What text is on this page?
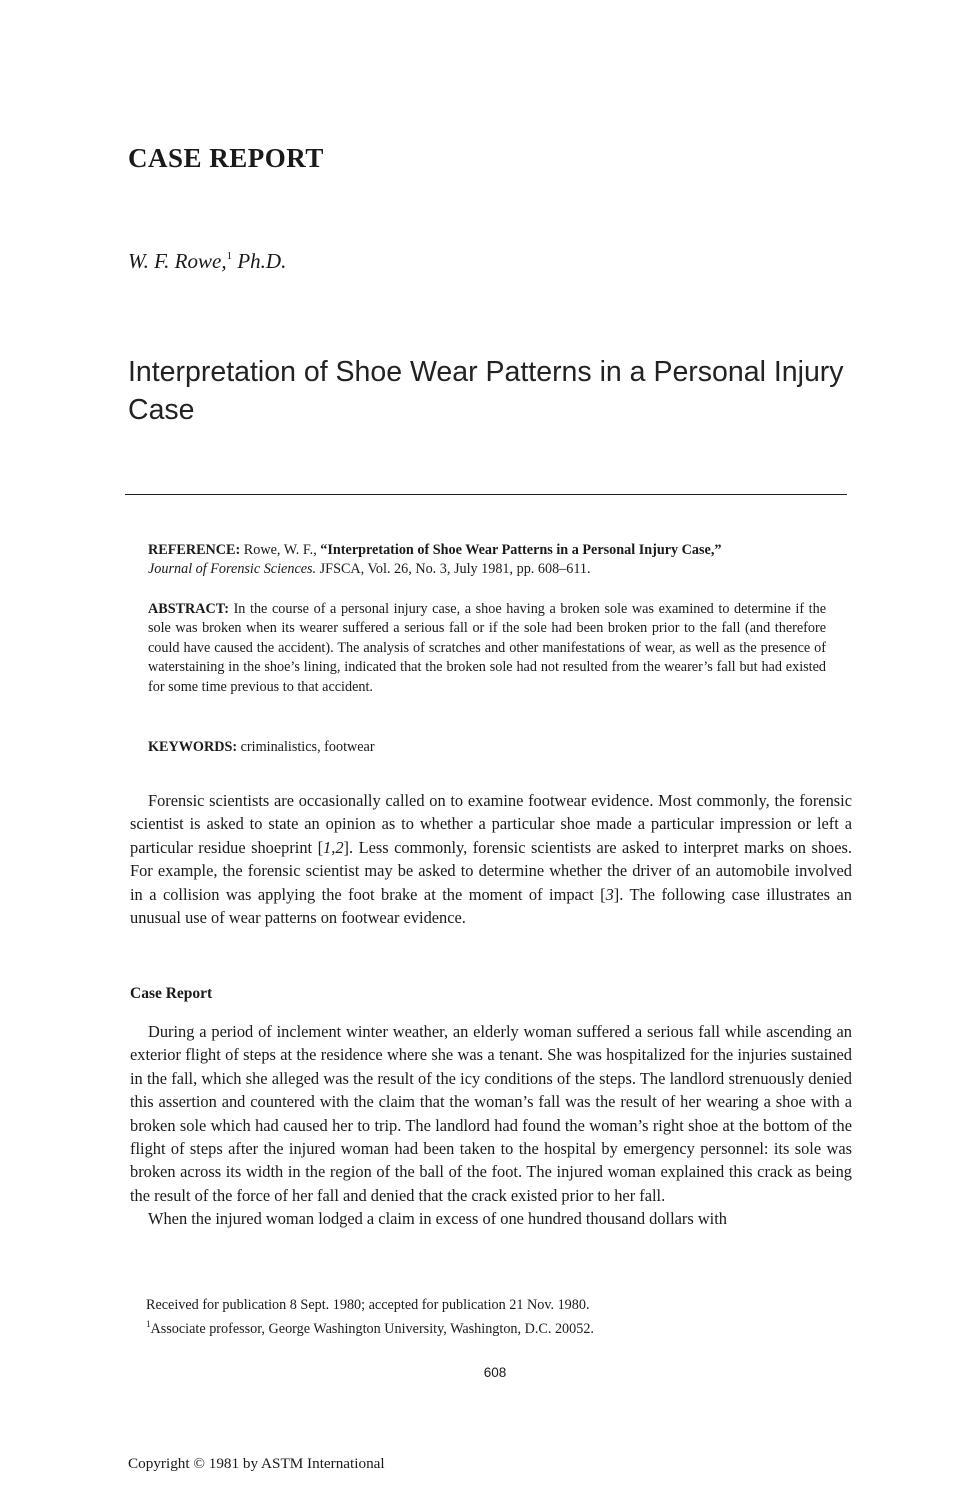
CASE REPORT
W. F. Rowe,$^1$ Ph.D.
Interpretation of Shoe Wear Patterns in a Personal Injury Case
REFERENCE: Rowe, W. F., “Interpretation of Shoe Wear Patterns in a Personal Injury Case,”
Journal of Forensic Sciences. JFSCA, Vol. 26, No. 3, July 1981, pp. 608–611.
ABSTRACT: In the course of a personal injury case, a shoe having a broken sole was examined to determine if the sole was broken when its wearer suffered a serious fall or if the sole had been broken prior to the fall (and therefore could have caused the accident). The analysis of scratches and other manifestations of wear, as well as the presence of waterstaining in the shoe’s lining, indicated that the broken sole had not resulted from the wearer’s fall but had existed for some time previous to that accident.
KEYWORDS: criminalistics, footwear

Forensic scientists are occasionally called on to examine footwear evidence. Most commonly, the forensic scientist is asked to state an opinion as to whether a particular shoe made a particular impression or left a particular residue shoeprint [1,2]. Less commonly, forensic scientists are asked to interpret marks on shoes. For example, the forensic scientist may be asked to determine whether the driver of an automobile involved in a collision was applying the foot brake at the moment of impact [3]. The following case illustrates an unusual use of wear patterns on footwear evidence.

Case Report

During a period of inclement winter weather, an elderly woman suffered a serious fall while ascending an exterior flight of steps at the residence where she was a tenant. She was hospitalized for the injuries sustained in the fall, which she alleged was the result of the icy conditions of the steps. The landlord strenuously denied this assertion and countered with the claim that the woman’s fall was the result of her wearing a shoe with a broken sole which had caused her to trip. The landlord had found the woman’s right shoe at the bottom of the flight of steps after the injured woman had been taken to the hospital by emergency personnel: its sole was broken across its width in the region of the ball of the foot. The injured woman explained this crack as being the result of the force of her fall and denied that the crack existed prior to her fall.

When the injured woman lodged a claim in excess of one hundred thousand dollars with

Received for publication 8 Sept. 1980; accepted for publication 21 Nov. 1980.
$^1$Associate professor, George Washington University, Washington, D.C. 20052.
608
Copyright © 1981 by ASTM International
